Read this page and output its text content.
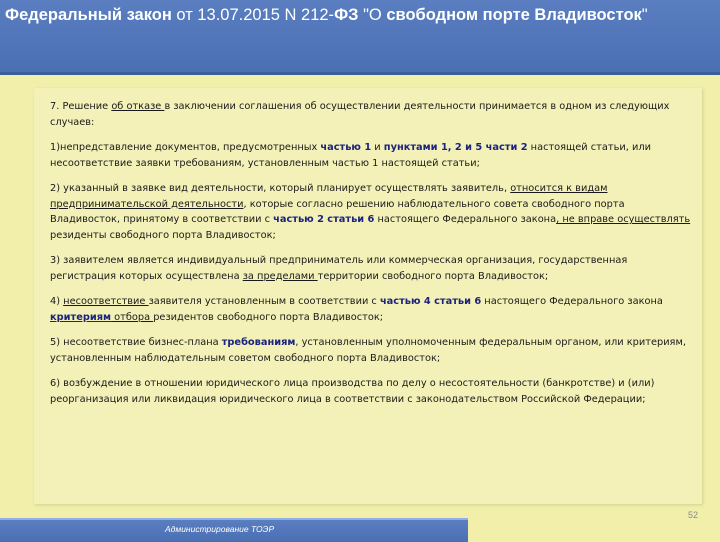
Федеральный закон от 13.07.2015 N 212-ФЗ "О свободном порте Владивосток"

7. Решение об отказе в заключении соглашения об осуществлении деятельности принимается в одном из следующих случаев:

1)непредставление документов, предусмотренных частью 1 и пунктами 1, 2 и 5 части 2 настоящей статьи, или несоответствие заявки требованиям, установленным частью 1 настоящей статьи;

2) указанный в заявке вид деятельности, который планирует осуществлять заявитель, относится к видам предпринимательской деятельности, которые согласно решению наблюдательного совета свободного порта Владивосток, принятому в соответствии с частью 2 статьи 6 настоящего Федерального закона, не вправе осуществлять резиденты свободного порта Владивосток;

3) заявителем является индивидуальный предприниматель или коммерческая организация, государственная регистрация которых осуществлена за пределами территории свободного порта Владивосток;

4) несоответствие заявителя установленным в соответствии с частью 4 статьи 6 настоящего Федерального закона критериям отбора резидентов свободного порта Владивосток;

5) несоответствие бизнес-плана требованиям, установленным уполномоченным федеральным органом, или критериям, установленным наблюдательным советом свободного порта Владивосток;

6) возбуждение в отношении юридического лица производства по делу о несостоятельности (банкротстве) и (или) реорганизация или ликвидация юридического лица в соответствии с законодательством Российской Федерации;

52
Администрирование ТОЭР
